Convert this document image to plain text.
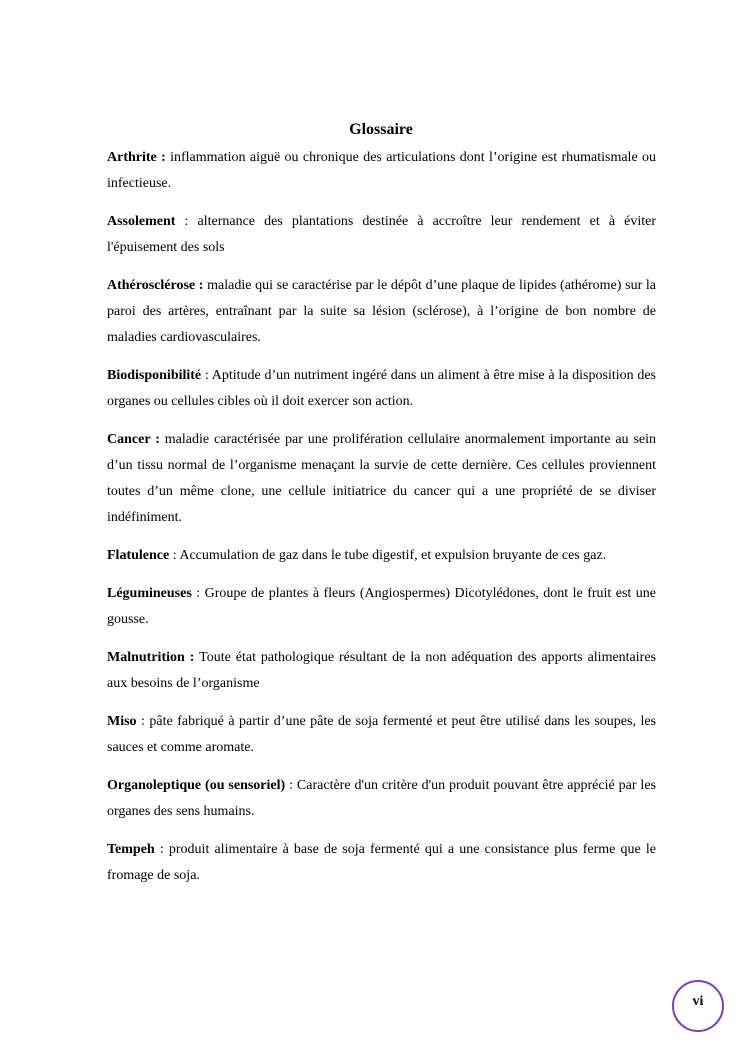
Glossaire

Arthrite : inflammation aiguë ou chronique des articulations dont l’origine est rhumatismale ou infectieuse.

Assolement : alternance des plantations destinée à accroître leur rendement et à éviter l'épuisement des sols

Athérosclérose : maladie qui se caractérise par le dépôt d’une plaque de lipides (athérome) sur la paroi des artères, entraînant par la suite sa lésion (sclérose), à l’origine de bon nombre de maladies cardiovasculaires.

Biodisponibilité : Aptitude d’un nutriment ingéré dans un aliment à être mise à la disposition des organes ou cellules cibles où il doit exercer son action.

Cancer : maladie caractérisée par une prolifération cellulaire anormalement importante au sein d’un tissu normal de l’organisme menaçant la survie de cette dernière. Ces cellules proviennent toutes d’un même clone, une cellule initiatrice du cancer qui a une propriété de se diviser indéfiniment.

Flatulence : Accumulation de gaz dans le tube digestif, et expulsion bruyante de ces gaz.

Légumineuses : Groupe de plantes à fleurs (Angiospermes) Dicotylédones, dont le fruit est une gousse.

Malnutrition : Toute état pathologique résultant de la non adéquation des apports alimentaires aux besoins de l’organisme

Miso : pâte fabriqué à partir d’une pâte de soja fermenté et peut être utilisé dans les soupes, les sauces et comme aromate.

Organoleptique (ou sensoriel) : Caractère d'un critère d'un produit pouvant être apprécié par les organes des sens humains.

Tempeh : produit alimentaire à base de soja fermenté qui a une consistance plus ferme que le fromage de soja.

vi
